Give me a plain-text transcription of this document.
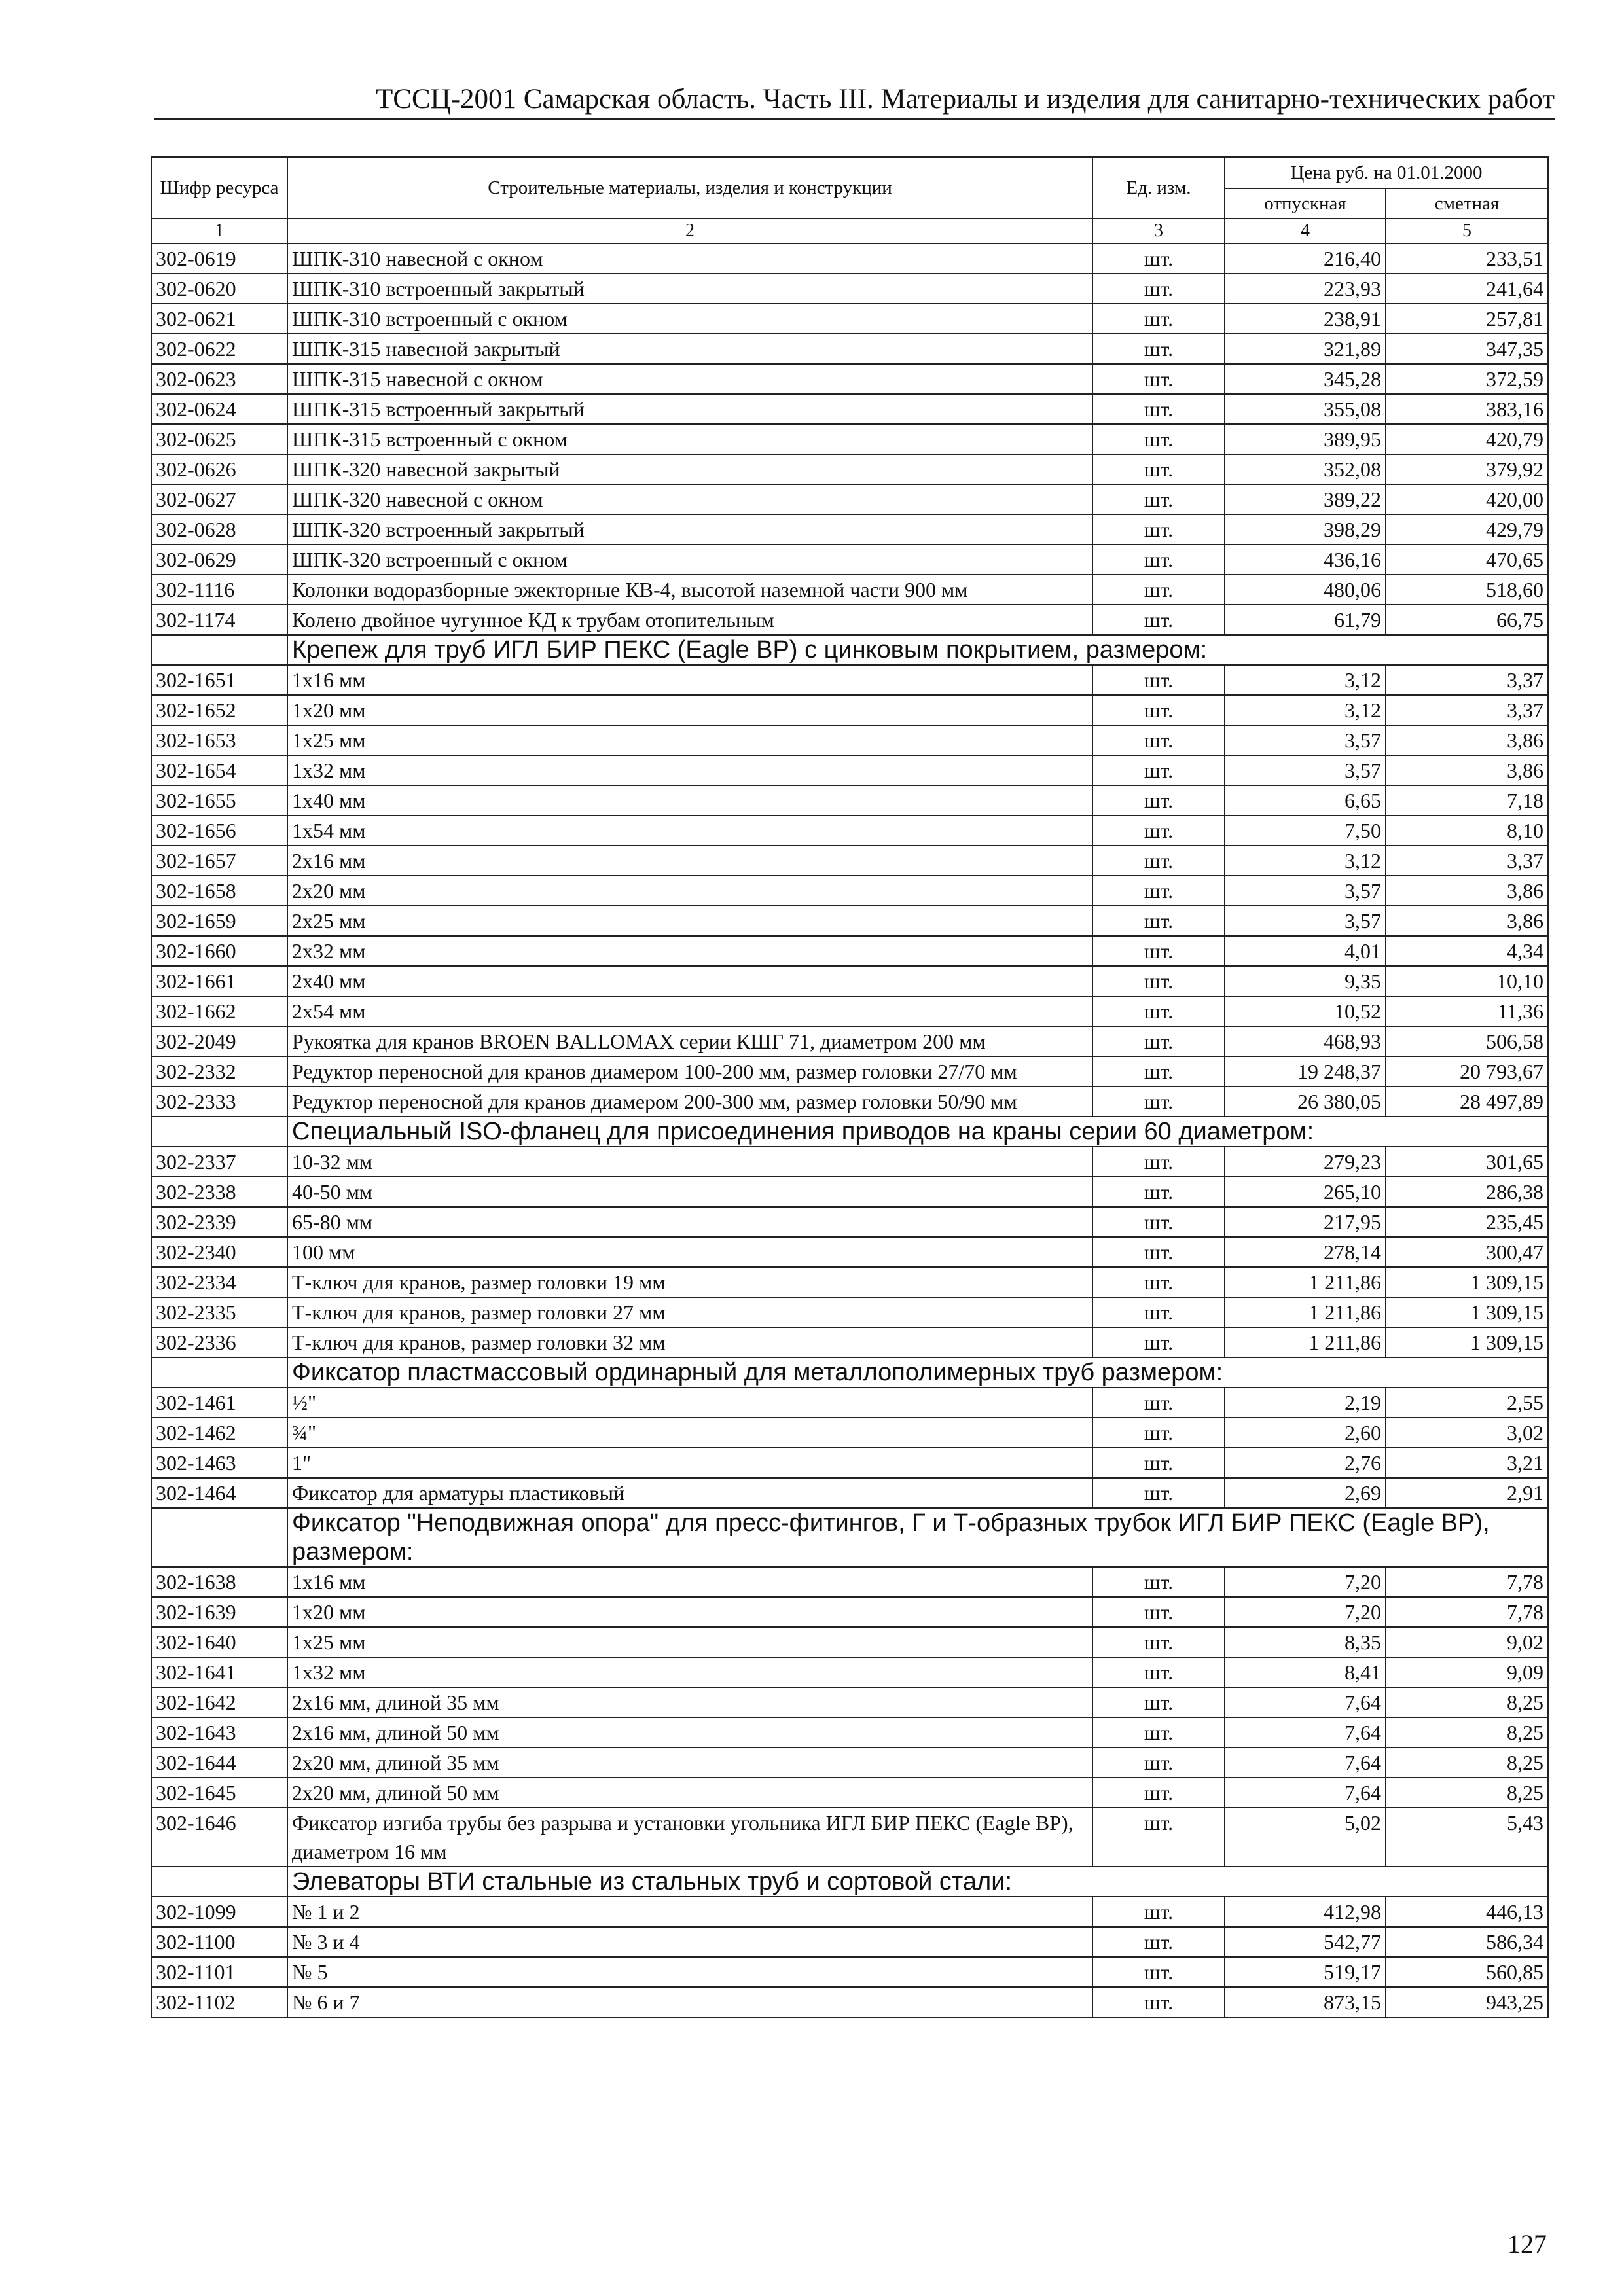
ТССЦ-2001 Самарская область. Часть III. Материалы и изделия для санитарно-технических работ
Шифр ресурса	Строительные материалы, изделия и конструкции	Ед. изм.	Цена руб. на 01.01.2000	
			отпускная	сметная
1	2	3	4	5
302-0619	ШПК-310 навесной с окном	шт.	216,40	233,51
302-0620	ШПК-310 встроенный закрытый	шт.	223,93	241,64
302-0621	ШПК-310 встроенный с окном	шт.	238,91	257,81
302-0622	ШПК-315 навесной закрытый	шт.	321,89	347,35
302-0623	ШПК-315 навесной с окном	шт.	345,28	372,59
302-0624	ШПК-315 встроенный закрытый	шт.	355,08	383,16
302-0625	ШПК-315 встроенный с окном	шт.	389,95	420,79
302-0626	ШПК-320 навесной закрытый	шт.	352,08	379,92
302-0627	ШПК-320 навесной с окном	шт.	389,22	420,00
302-0628	ШПК-320 встроенный закрытый	шт.	398,29	429,79
302-0629	ШПК-320 встроенный с окном	шт.	436,16	470,65
302-1116	Колонки водоразборные эжекторные КВ-4, высотой наземной части 900 мм	шт.	480,06	518,60
302-1174	Колено двойное чугунное КД к трубам отопительным	шт.	61,79	66,75
	Крепеж для труб ИГЛ БИР ПЕКС (Eagle BP) с цинковым покрытием, размером:			
302-1651	1х16 мм	шт.	3,12	3,37
302-1652	1х20 мм	шт.	3,12	3,37
302-1653	1х25 мм	шт.	3,57	3,86
302-1654	1х32 мм	шт.	3,57	3,86
302-1655	1х40 мм	шт.	6,65	7,18
302-1656	1х54 мм	шт.	7,50	8,10
302-1657	2х16 мм	шт.	3,12	3,37
302-1658	2х20 мм	шт.	3,57	3,86
302-1659	2х25 мм	шт.	3,57	3,86
302-1660	2х32 мм	шт.	4,01	4,34
302-1661	2х40 мм	шт.	9,35	10,10
302-1662	2х54 мм	шт.	10,52	11,36
302-2049	Рукоятка для кранов BROEN BALLOMAX серии КШГ 71, диаметром 200 мм	шт.	468,93	506,58
302-2332	Редуктор переносной для кранов диамером 100-200 мм, размер головки 27/70 мм	шт.	19 248,37	20 793,67
302-2333	Редуктор переносной для кранов диамером 200-300 мм, размер головки 50/90 мм	шт.	26 380,05	28 497,89
	Специальный ISO-фланец для присоединения приводов на краны серии 60 диаметром:			
302-2337	10-32 мм	шт.	279,23	301,65
302-2338	40-50 мм	шт.	265,10	286,38
302-2339	65-80 мм	шт.	217,95	235,45
302-2340	100 мм	шт.	278,14	300,47
302-2334	Т-ключ для кранов, размер головки 19 мм	шт.	1 211,86	1 309,15
302-2335	Т-ключ для кранов, размер головки 27 мм	шт.	1 211,86	1 309,15
302-2336	Т-ключ для кранов, размер головки 32 мм	шт.	1 211,86	1 309,15
	Фиксатор пластмассовый ординарный для металлополимерных труб размером:			
302-1461	½"	шт.	2,19	2,55
302-1462	¾"	шт.	2,60	3,02
302-1463	1"	шт.	2,76	3,21
302-1464	Фиксатор для арматуры пластиковый	шт.	2,69	2,91
	Фиксатор "Неподвижная опора" для пресс-фитингов, Г и Т-образных трубок ИГЛ БИР ПЕКС (Eagle BP), размером:			
302-1638	1х16 мм	шт.	7,20	7,78
302-1639	1х20 мм	шт.	7,20	7,78
302-1640	1х25 мм	шт.	8,35	9,02
302-1641	1х32 мм	шт.	8,41	9,09
302-1642	2х16 мм, длиной 35 мм	шт.	7,64	8,25
302-1643	2х16 мм, длиной 50 мм	шт.	7,64	8,25
302-1644	2х20 мм, длиной 35 мм	шт.	7,64	8,25
302-1645	2х20 мм, длиной 50 мм	шт.	7,64	8,25
302-1646	Фиксатор изгиба трубы без разрыва и установки угольника ИГЛ БИР ПЕКС (Eagle BP), диаметром 16 мм	шт.	5,02	5,43
	Элеваторы ВТИ стальные из стальных труб и сортовой стали:			
302-1099	№ 1 и 2	шт.	412,98	446,13
302-1100	№ 3 и 4	шт.	542,77	586,34
302-1101	№ 5	шт.	519,17	560,85
302-1102	№ 6 и 7	шт.	873,15	943,25
127
